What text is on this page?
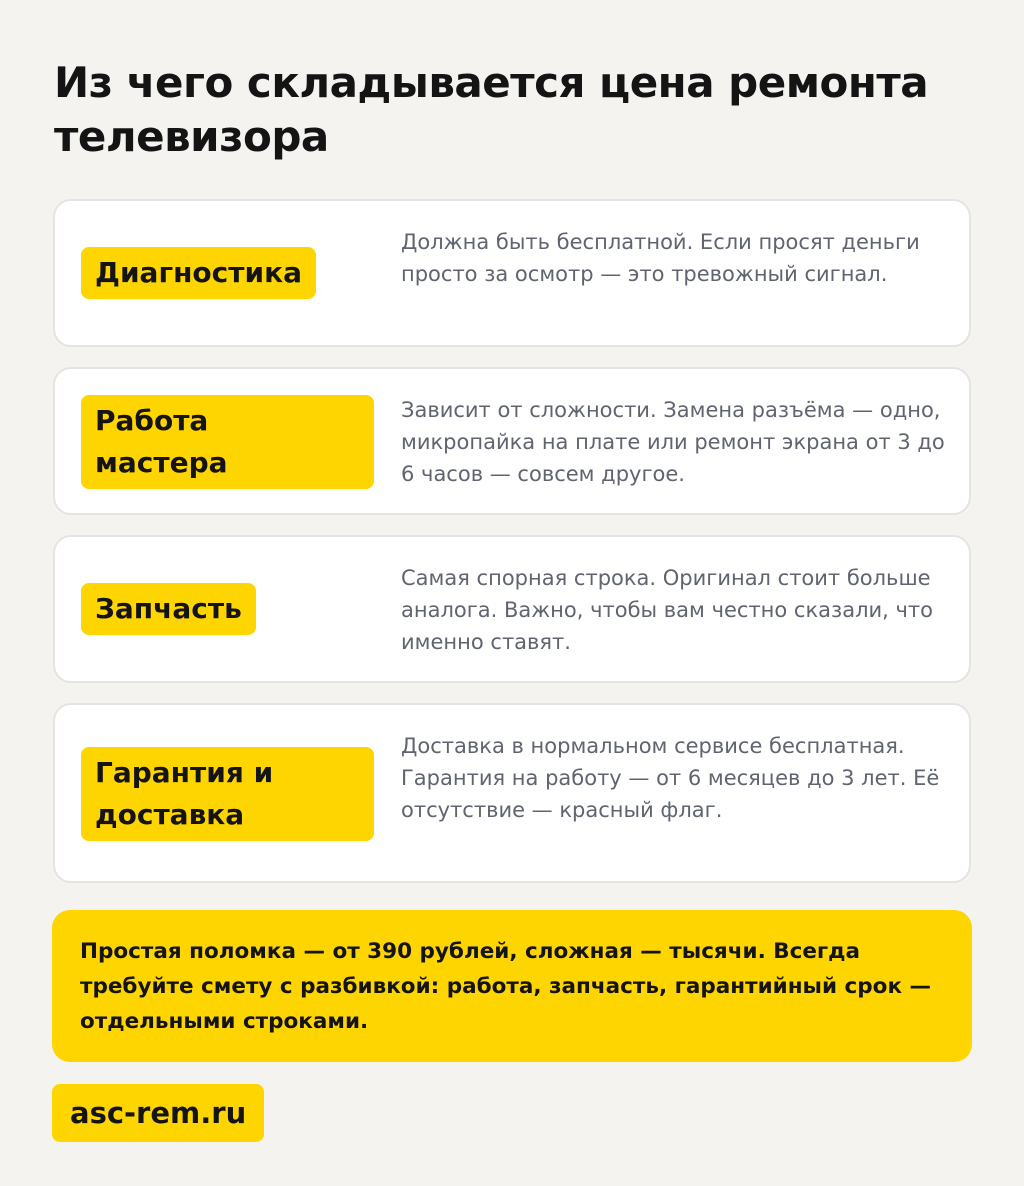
Из чего складывается цена ремонта телевизора
Диагностика
Должна быть бесплатной. Если просят деньги просто за осмотр — это тревожный сигнал.
Работа мастера
Зависит от сложности. Замена разъёма — одно, микропайка на плате или ремонт экрана от 3 до 6 часов — совсем другое.
Запчасть
Самая спорная строка. Оригинал стоит больше аналога. Важно, чтобы вам честно сказали, что именно ставят.
Гарантия и доставка
Доставка в нормальном сервисе бесплатная. Гарантия на работу — от 6 месяцев до 3 лет. Её отсутствие — красный флаг.
Простая поломка — от 390 рублей, сложная — тысячи. Всегда требуйте смету с разбивкой: работа, запчасть, гарантийный срок — отдельными строками.
asc-rem.ru
